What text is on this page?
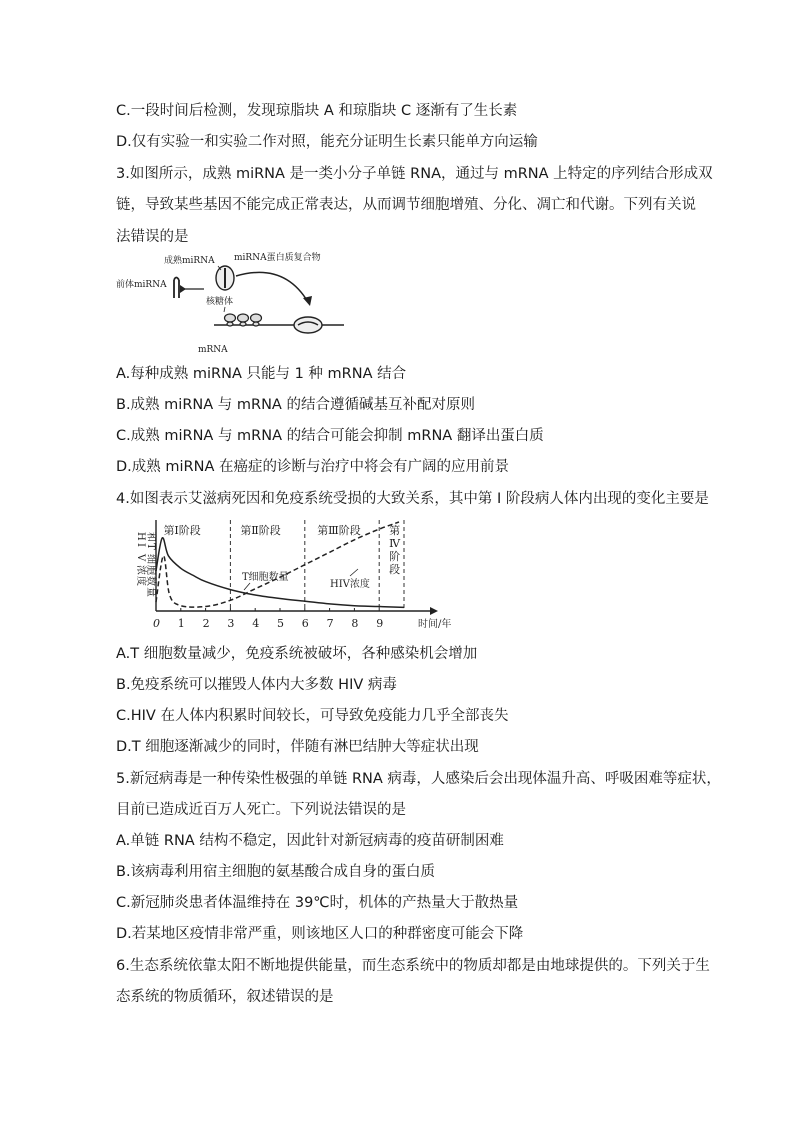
C.一段时间后检测，发现琼脂块 A 和琼脂块 C 逐渐有了生长素
D.仅有实验一和实验二作对照，能充分证明生长素只能单方向运输
3.如图所示，成熟 miRNA 是一类小分子单链 RNA，通过与 mRNA 上特定的序列结合形成双
链，导致某些基因不能完成正常表达，从而调节细胞增殖、分化、凋亡和代谢。下列有关说
法错误的是
成熟miRNA miRNA蛋白质复合物
前体miRNA
核糖体
mRNA
A.每种成熟 miRNA 只能与 1 种 mRNA 结合
B.成熟 miRNA 与 mRNA 的结合遵循碱基互补配对原则
C.成熟 miRNA 与 mRNA 的结合可能会抑制 mRNA 翻译出蛋白质
D.成熟 miRNA 在癌症的诊断与治疗中将会有广阔的应用前景
4.如图表示艾滋病死因和免疫系统受损的大致关系，其中第 I 阶段病人体内出现的变化主要是
H
I
V
浓
度
和
T
细
胞
数
量
第Ⅰ阶段	第Ⅱ阶段	第Ⅲ阶段	第
Ⅳ
阶
段
0 1 2 3 4 5 6 7 8 9	时间/年
T细胞数量
HIV浓度
A.T 细胞数量减少，免疫系统被破坏，各种感染机会增加
B.免疫系统可以摧毁人体内大多数 HIV 病毒
C.HIV 在人体内积累时间较长，可导致免疫能力几乎全部丧失
D.T 细胞逐渐减少的同时，伴随有淋巴结肿大等症状出现
5.新冠病毒是一种传染性极强的单链 RNA 病毒，人感染后会出现体温升高、呼吸困难等症状，
目前已造成近百万人死亡。下列说法错误的是
A.单链 RNA 结构不稳定，因此针对新冠病毒的疫苗研制困难
B.该病毒利用宿主细胞的氨基酸合成自身的蛋白质
C.新冠肺炎患者体温维持在 39℃时，机体的产热量大于散热量
D.若某地区疫情非常严重，则该地区人口的种群密度可能会下降
6.生态系统依靠太阳不断地提供能量，而生态系统中的物质却都是由地球提供的。下列关于生
态系统的物质循环，叙述错误的是
